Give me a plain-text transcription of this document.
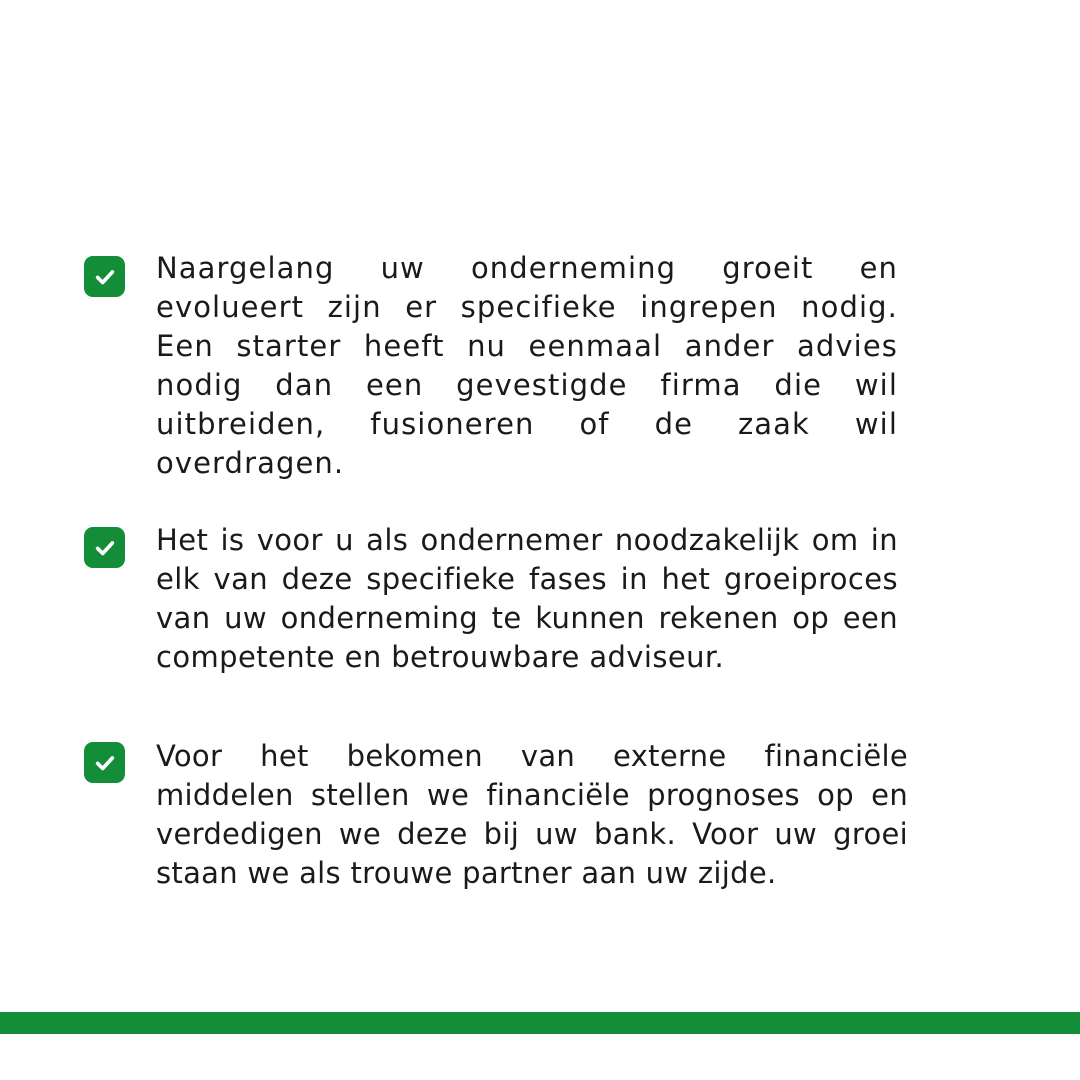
Naargelang uw onderneming groeit en evolueert zijn er specifieke ingrepen nodig. Een starter heeft nu eenmaal ander advies nodig dan een gevestigde firma die wil uitbreiden, fusioneren of de zaak wil overdragen.
Het is voor u als ondernemer noodzakelijk om in elk van deze specifieke fases in het groeiproces van uw onderneming te kunnen rekenen op een competente en betrouwbare adviseur.
Voor het bekomen van externe financiële middelen stellen we financiële prognoses op en verdedigen we deze bij uw bank. Voor uw groei staan we als trouwe partner aan uw zijde.
